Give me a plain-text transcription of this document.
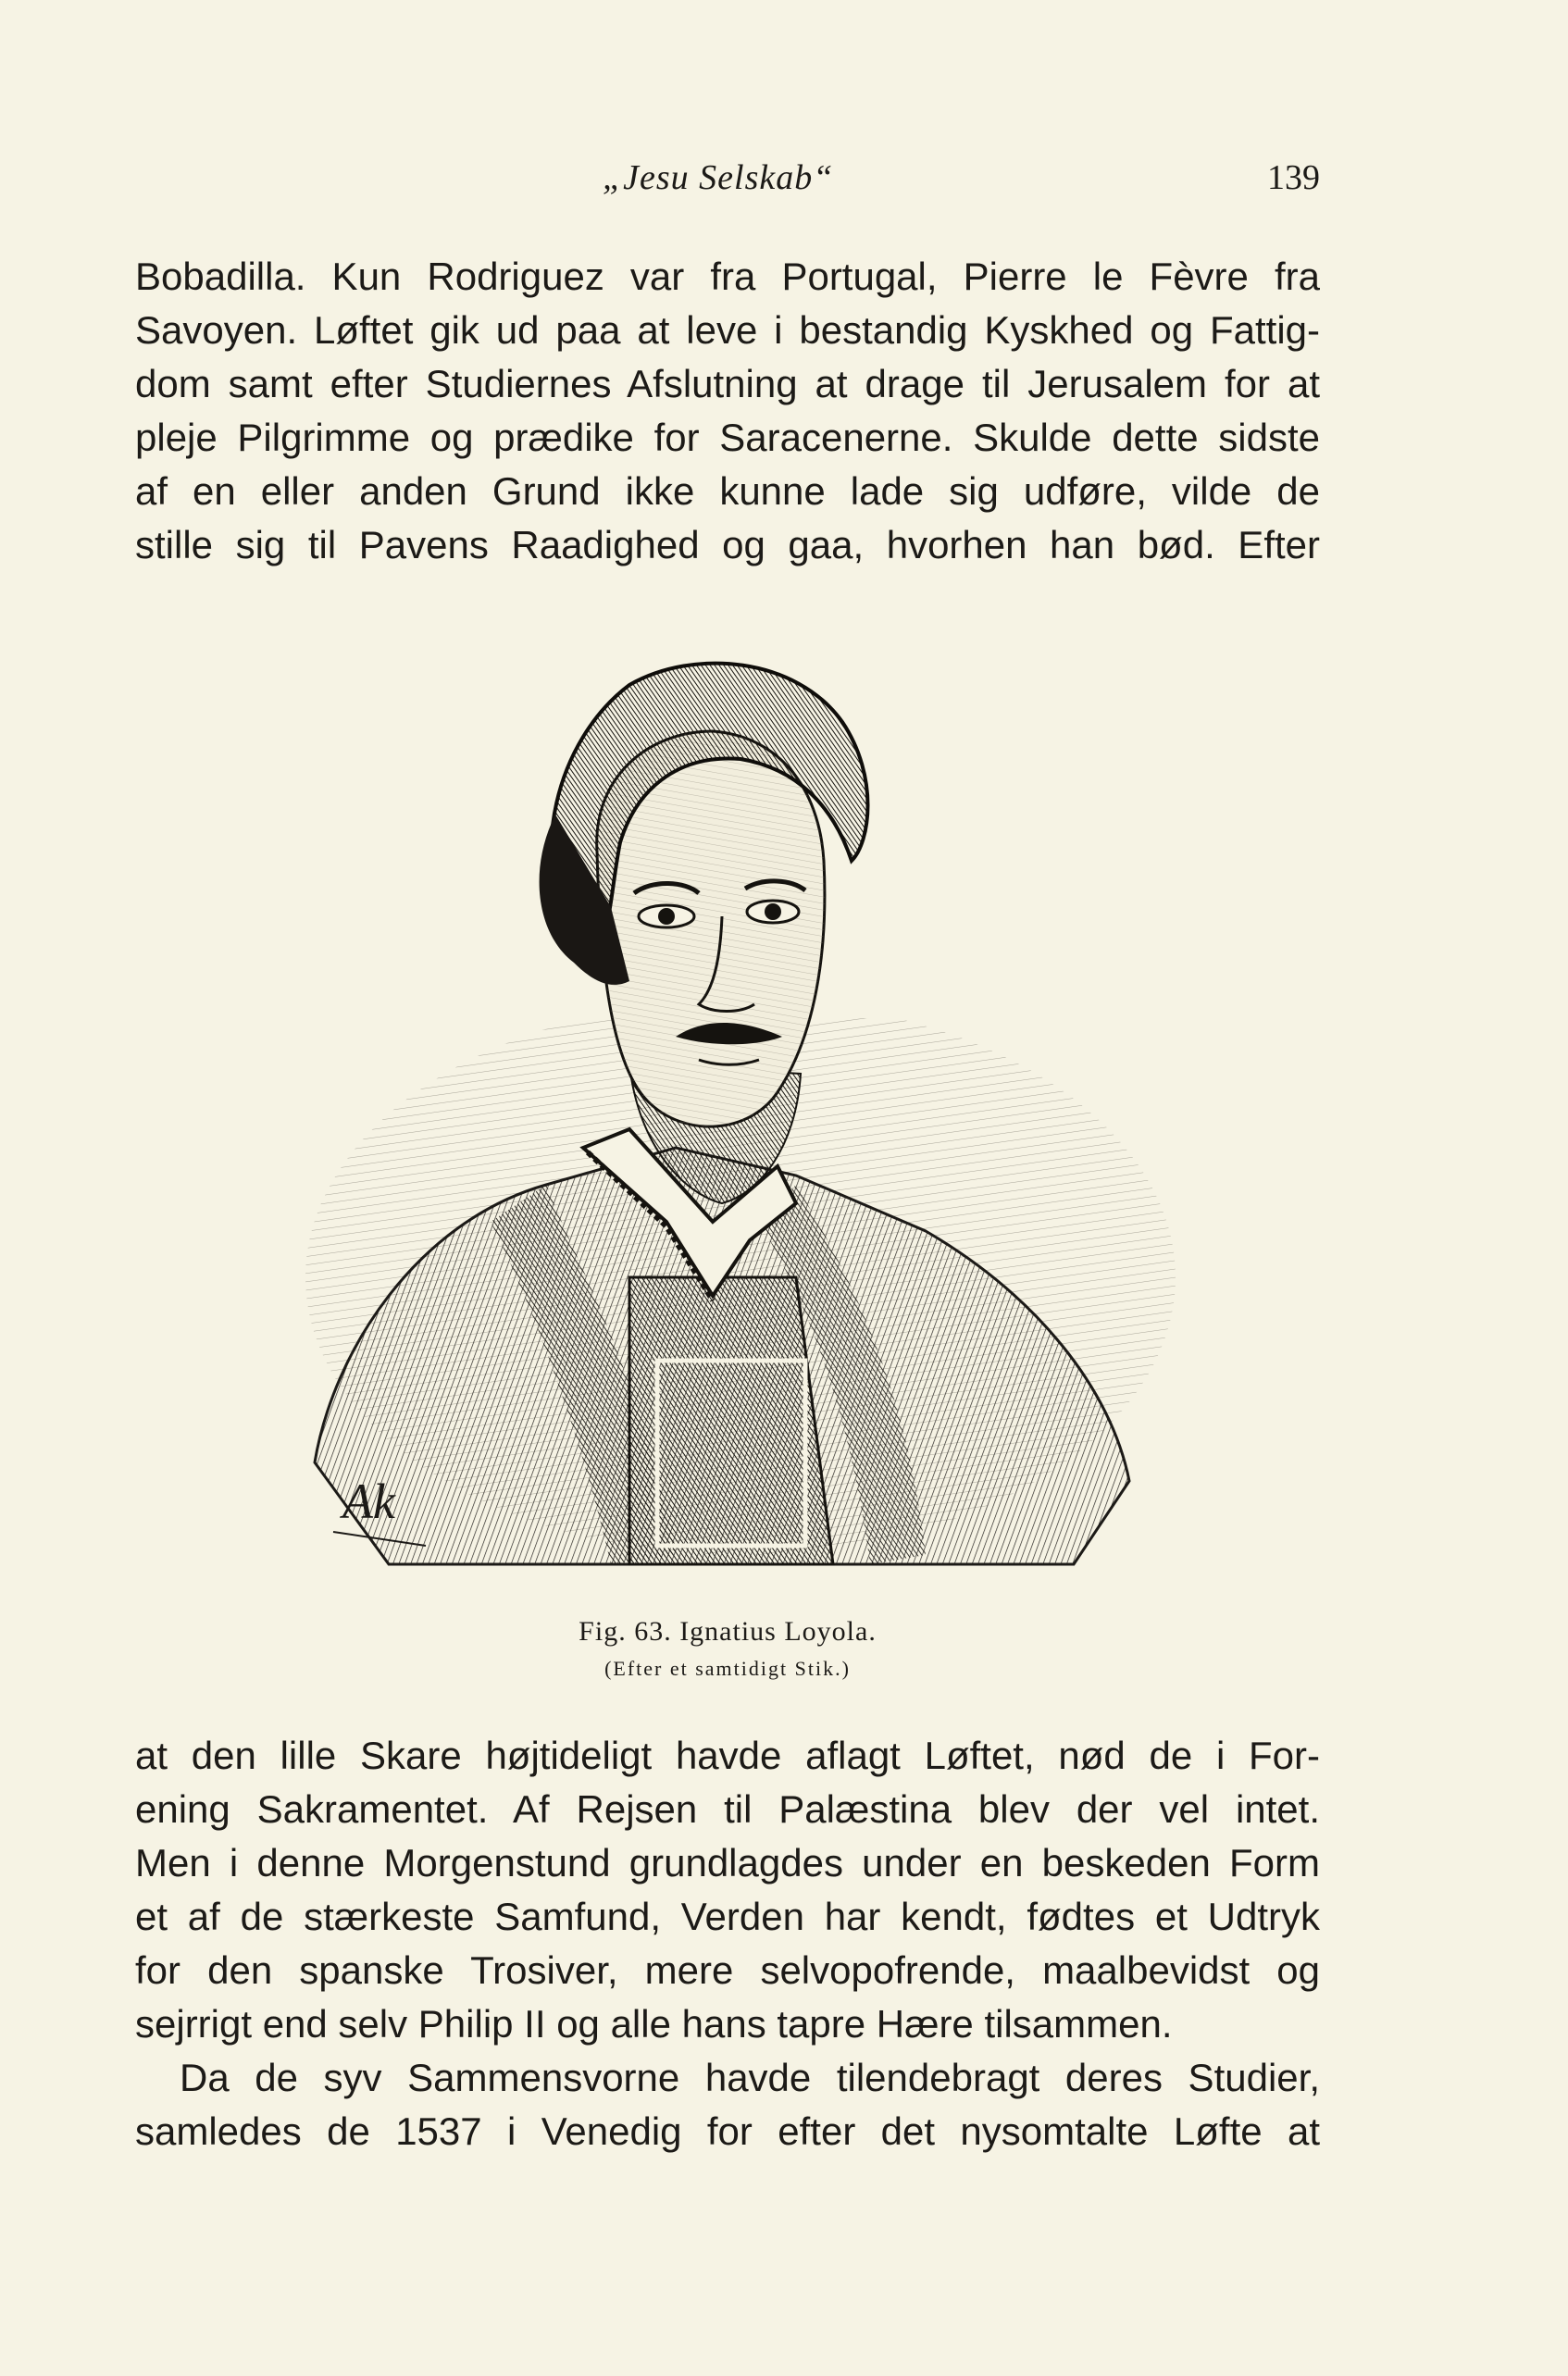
„Jesu Selskab“	139
Bobadilla. Kun Rodriguez var fra Portugal, Pierre le Fèvre fra
Savoyen. Løftet gik ud paa at leve i bestandig Kyskhed og Fattig-
dom samt efter Studiernes Afslutning at drage til Jerusalem for at
pleje Pilgrimme og prædike for Saracenerne. Skulde dette sidste
af en eller anden Grund ikke kunne lade sig udføre, vilde de
stille sig til Pavens Raadighed og gaa, hvorhen han bød. Efter
Ak
Fig. 63. Ignatius Loyola.
(Efter et samtidigt Stik.)
at den lille Skare højtideligt havde aflagt Løftet, nød de i For-
ening Sakramentet. Af Rejsen til Palæstina blev der vel intet.
Men i denne Morgenstund grundlagdes under en beskeden Form
et af de stærkeste Samfund, Verden har kendt, fødtes et Udtryk
for den spanske Trosiver, mere selvopofrende, maalbevidst og
sejrrigt end selv Philip II og alle hans tapre Hære tilsammen.
Da de syv Sammensvorne havde tilendebragt deres Studier,
samledes de 1537 i Venedig for efter det nysomtalte Løfte at
